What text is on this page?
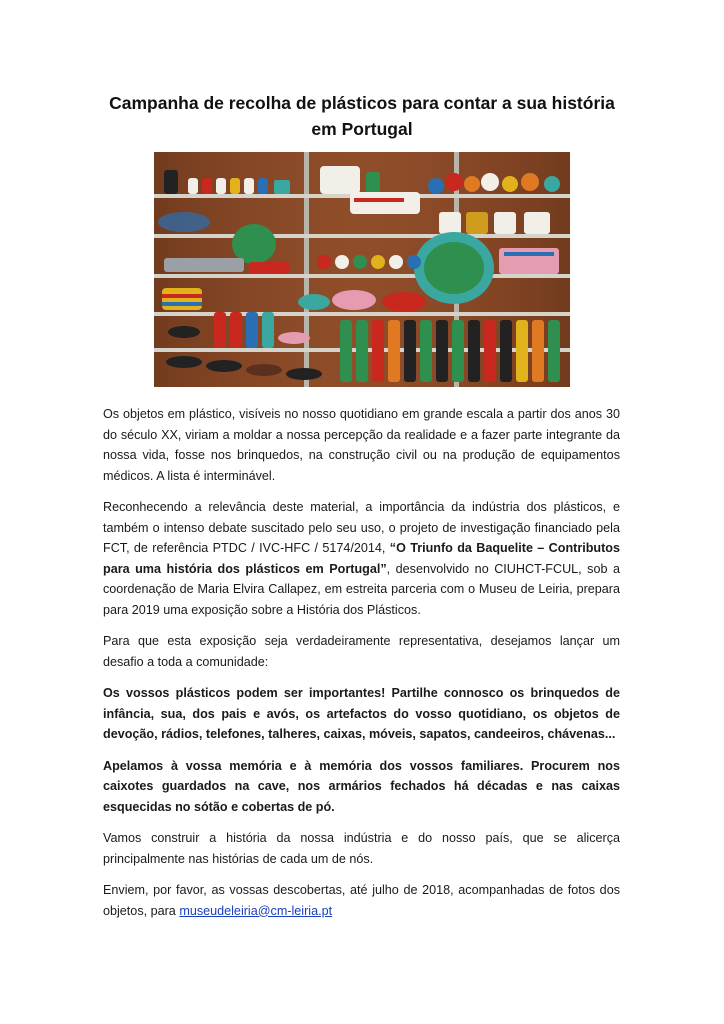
Campanha de recolha de plásticos para contar a sua história em Portugal

Os objetos em plástico, visíveis no nosso quotidiano em grande escala a partir dos anos 30 do século XX, viriam a moldar a nossa percepção da realidade e a fazer parte integrante da nossa vida, fosse nos brinquedos, na construção civil ou na produção de equipamentos médicos. A lista é interminável.

Reconhecendo a relevância deste material, a importância da indústria dos plásticos, e também o intenso debate suscitado pelo seu uso, o projeto de investigação financiado pela FCT, de referência PTDC / IVC-HFC / 5174/2014, “O Triunfo da Baquelite – Contributos para uma história dos plásticos em Portugal”, desenvolvido no CIUHCT-FCUL, sob a coordenação de Maria Elvira Callapez, em estreita parceria com o Museu de Leiria, prepara para 2019 uma exposição sobre a História dos Plásticos.

Para que esta exposição seja verdadeiramente representativa, desejamos lançar um desafio a toda a comunidade:

Os vossos plásticos podem ser importantes! Partilhe connosco os brinquedos de infância, sua, dos pais e avós, os artefactos do vosso quotidiano, os objetos de devoção, rádios, telefones, talheres, caixas, móveis, sapatos, candeeiros, chávenas...

Apelamos à vossa memória e à memória dos vossos familiares. Procurem nos caixotes guardados na cave, nos armários fechados há décadas e nas caixas esquecidas no sótão e cobertas de pó.

Vamos construir a história da nossa indústria e do nosso país, que se alicerça principalmente nas histórias de cada um de nós.

Enviem, por favor, as vossas descobertas, até julho de 2018, acompanhadas de fotos dos objetos, para museudeleiria@cm-leiria.pt
